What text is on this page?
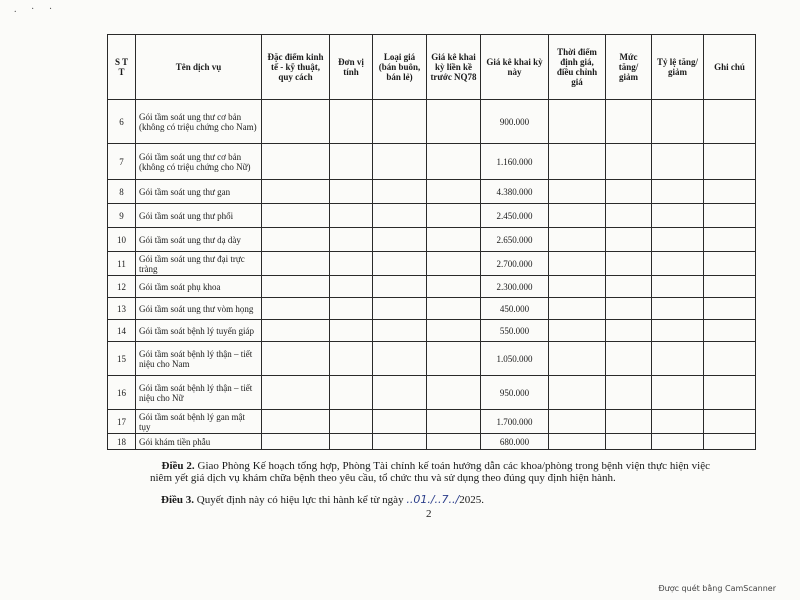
. · ·
S T T	Tên dịch vụ	Đặc điểm kinh tế - kỹ thuật, quy cách	Đơn vị tính	Loại giá (bán buôn, bán lẻ)	Giá kê khai kỳ liền kề trước NQ78	Giá kê khai kỳ này	Thời điểm định giá, điều chỉnh giá	Mức tăng/ giảm	Tỷ lệ tăng/ giảm	Ghi chú
6	Gói tầm soát ung thư cơ bản (không có triệu chứng cho Nam)					900.000				
7	Gói tầm soát ung thư cơ bản (không có triệu chứng cho Nữ)					1.160.000				
8	Gói tầm soát ung thư gan					4.380.000				
9	Gói tầm soát ung thư phổi					2.450.000				
10	Gói tầm soát ung thư dạ dày					2.650.000				
11	Gói tầm soát ung thư đại trực tràng					2.700.000				
12	Gói tầm soát phụ khoa					2.300.000				
13	Gói tầm soát ung thư vòm họng					450.000				
14	Gói tầm soát bệnh lý tuyến giáp					550.000				
15	Gói tầm soát bệnh lý thận – tiết niệu cho Nam					1.050.000				
16	Gói tầm soát bệnh lý thận – tiết niệu cho Nữ					950.000				
17	Gói tầm soát bệnh lý gan mật tụy					1.700.000				
18	Gói khám tiền phẫu					680.000				
Điều 2. Giao Phòng Kế hoạch tổng hợp, Phòng Tài chính kế toán hướng dẫn các khoa/phòng trong bệnh viện thực hiện việc niêm yết giá dịch vụ khám chữa bệnh theo yêu cầu, tổ chức thu và sử dụng theo đúng quy định hiện hành.
Điều 3. Quyết định này có hiệu lực thi hành kể từ ngày ..01./..7../2025.
2
Được quét bằng CamScanner
